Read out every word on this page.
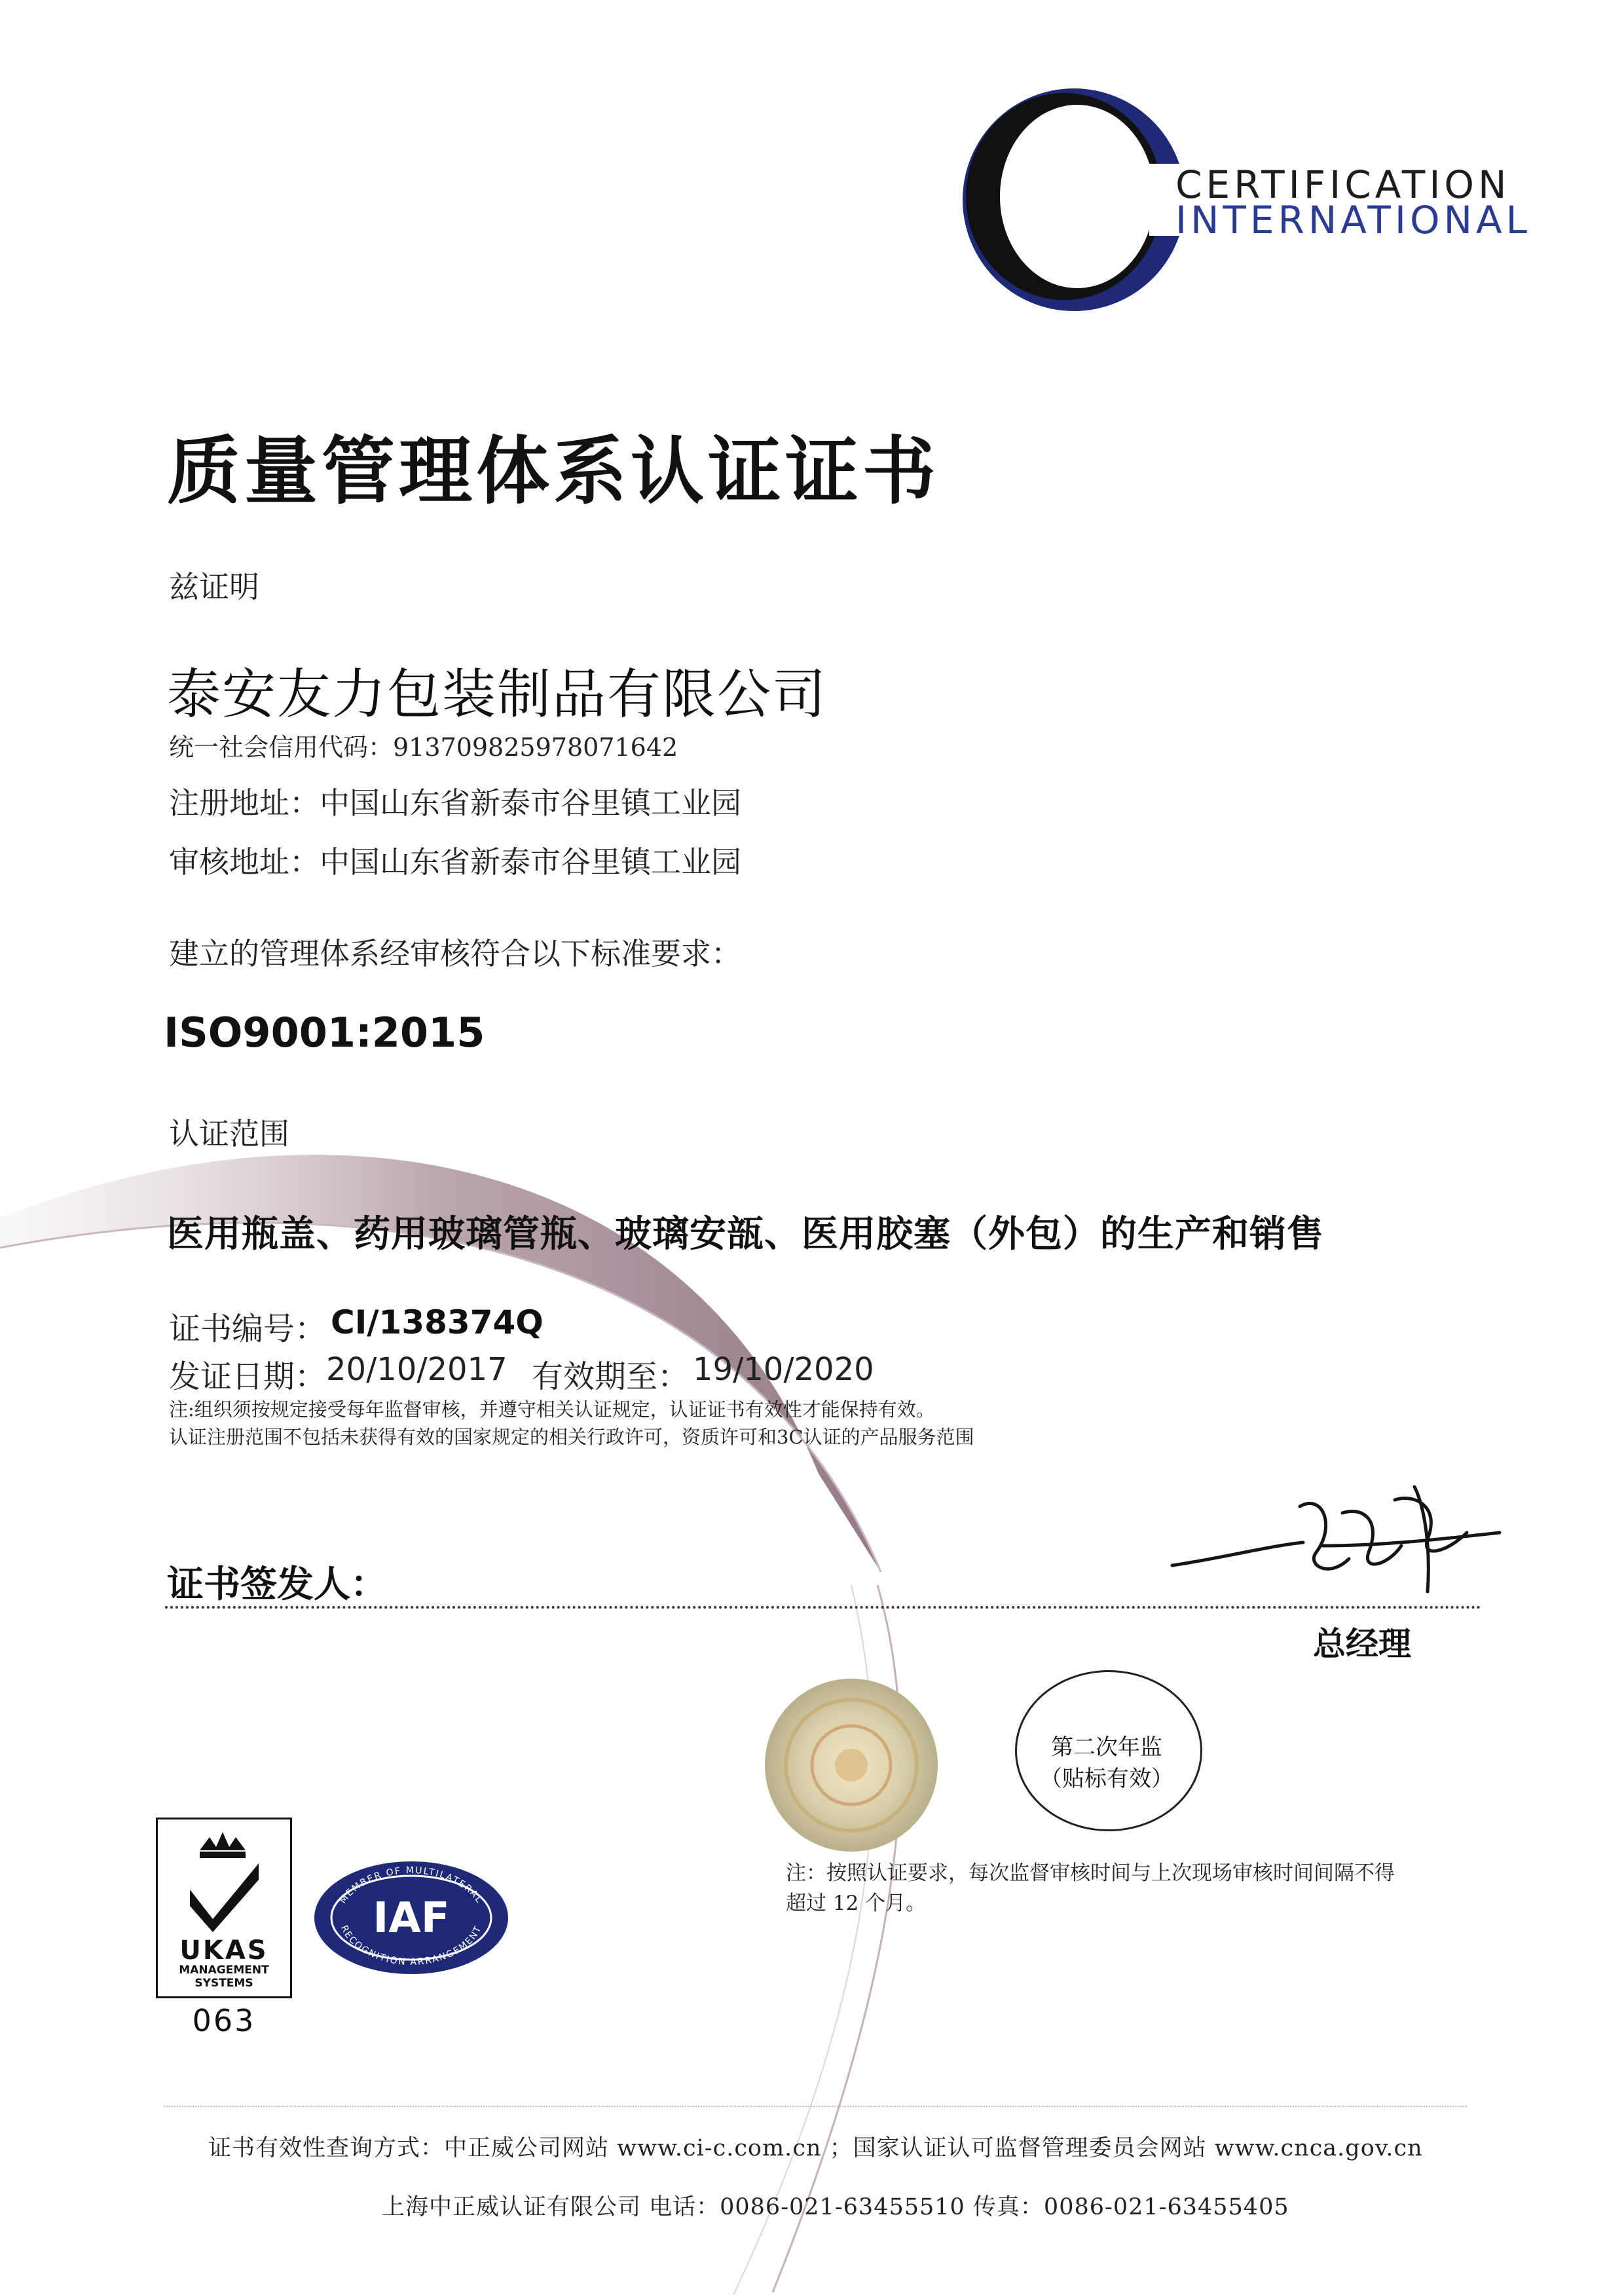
CERTIFICATION
INTERNATIONAL
质量管理体系认证证书
兹证明
泰安友力包装制品有限公司
统一社会信用代码：913709825978071642
注册地址：中国山东省新泰市谷里镇工业园
审核地址：中国山东省新泰市谷里镇工业园
建立的管理体系经审核符合以下标准要求：
ISO9001:2015
认证范围
医用瓶盖、药用玻璃管瓶、玻璃安瓿、医用胶塞（外包）的生产和销售
证书编号： CI/138374Q
发证日期： 20/10/2017 有效期至： 19/10/2020
注:组织须按规定接受每年监督审核，并遵守相关认证规定，认证证书有效性才能保持有效。
认证注册范围不包括未获得有效的国家规定的相关行政许可，资质许可和3C认证的产品服务范围
证书签发人：
总经理
第二次年监
（贴标有效）
注：按照认证要求，每次监督审核时间与上次现场审核时间间隔不得
超过 12 个月。
UKAS
MANAGEMENT
SYSTEMS
063
MEMBER OF MULTILATERAL
RECOGNITION ARRANGEMENT
IAF
证书有效性查询方式：中正威公司网站 www.ci-c.com.cn ；国家认证认可监督管理委员会网站 www.cnca.gov.cn
上海中正威认证有限公司 电话：0086-021-63455510 传真：0086-021-63455405
